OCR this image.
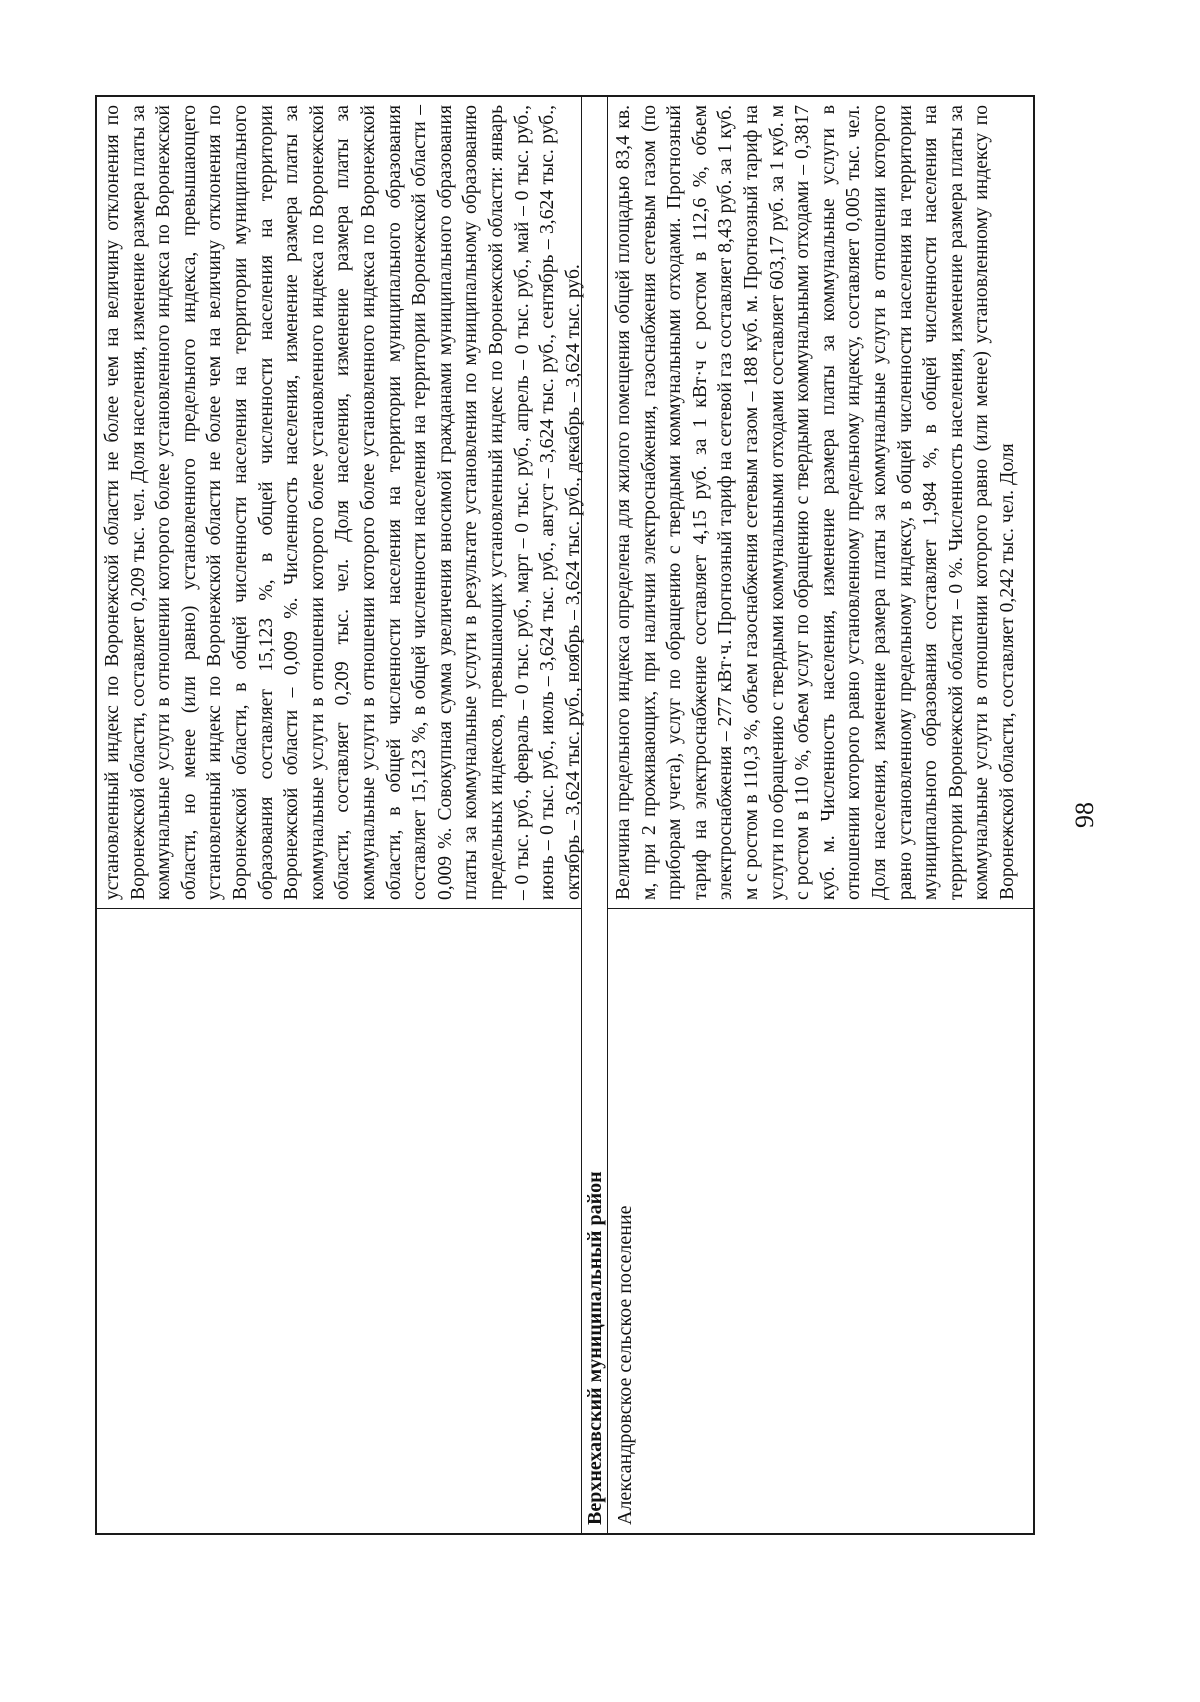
98
установленный индекс по Воронежской области не более чем на величину отклонения по Воронежской области, составляет 0,209 тыс. чел. Доля населения, изменение размера платы за коммунальные услуги в отношении которого более установленного индекса по Воронежской области, но менее (или равно) установленного предельного индекса, превышающего установленный индекс по Воронежской области не более чем на величину отклонения по Воронежской области, в общей численности населения на территории муниципального образования составляет 15,123 %, в общей численности населения на территории Воронежской области – 0,009 %. Численность населения, изменение размера платы за коммунальные услуги в отношении которого более установленного индекса по Воронежской области, составляет 0,209 тыс. чел. Доля населения, изменение размера платы за коммунальные услуги в отношении которого более установленного индекса по Воронежской области, в общей численности населения на территории муниципального образования составляет 15,123 %, в общей численности населения на территории Воронежской области – 0,009 %. Совокупная сумма увеличения вносимой гражданами муниципального образования платы за коммунальные услуги в результате установления по муниципальному образованию предельных индексов, превышающих установленный индекс по Воронежской области: январь – 0 тыс. руб., февраль – 0 тыс. руб., март – 0 тыс. руб., апрель – 0 тыс. руб., май – 0 тыс. руб., июнь – 0 тыс. руб., июль – 3,624 тыс. руб., август – 3,624 тыс. руб., сентябрь – 3,624 тыс. руб., октябрь – 3,624 тыс. руб., ноябрь – 3,624 тыс. руб., декабрь – 3,624 тыс. руб.
Верхнехавский муниципальный район Александровское сельское поселение
Величина предельного индекса определена для жилого помещения общей площадью 83,4 кв. м, при 2 проживающих, при наличии электроснабжения, газоснабжения сетевым газом (по приборам учета), услуг по обращению с твердыми коммунальными отходами. Прогнозный тариф на электроснабжение составляет 4,15 руб. за 1 кВт·ч с ростом в 112,6 %, объем электроснабжения – 277 кВт·ч. Прогнозный тариф на сетевой газ составляет 8,43 руб. за 1 куб. м с ростом в 110,3 %, объем газоснабжения сетевым газом – 188 куб. м. Прогнозный тариф на услуги по обращению с твердыми коммунальными отходами составляет 603,17 руб. за 1 куб. м с ростом в 110 %, объем услуг по обращению с твердыми коммунальными отходами – 0,3817 куб. м. Численность населения, изменение размера платы за коммунальные услуги в отношении которого равно установленному предельному индексу, составляет 0,005 тыс. чел. Доля населения, изменение размера платы за коммунальные услуги в отношении которого равно установленному предельному индексу, в общей численности населения на территории муниципального образования составляет 1,984 %, в общей численности населения на территории Воронежской области – 0 %. Численность населения, изменение размера платы за коммунальные услуги в отношении которого равно (или менее) установленному индексу по Воронежской области, составляет 0,242 тыс. чел. Доля
